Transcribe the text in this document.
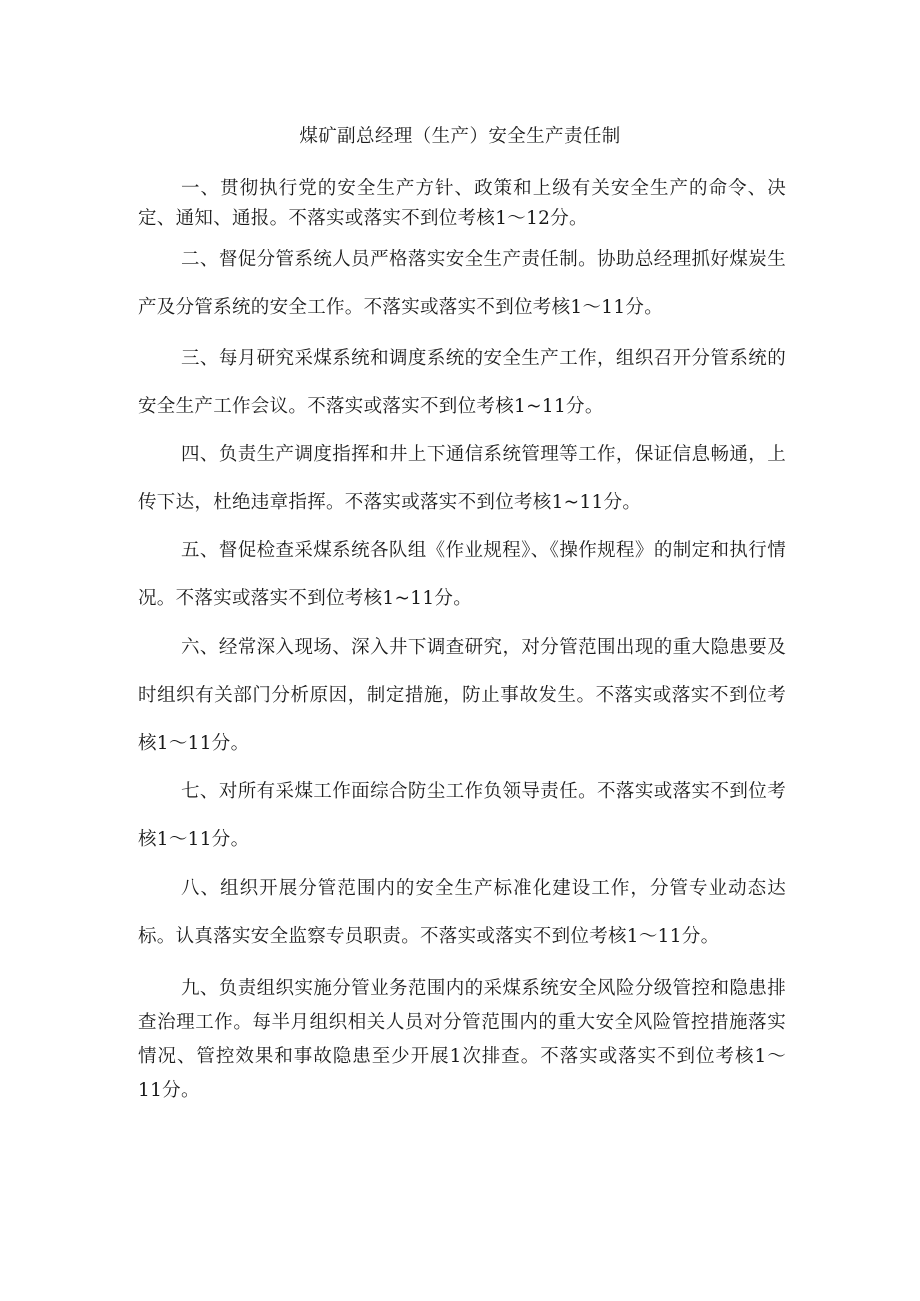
煤矿副总经理（生产）安全生产责任制

一、贯彻执行党的安全生产方针、政策和上级有关安全生产的命令、决定、通知、通报。不落实或落实不到位考核1～12分。

二、督促分管系统人员严格落实安全生产责任制。协助总经理抓好煤炭生产及分管系统的安全工作。不落实或落实不到位考核1～11分。

三、每月研究采煤系统和调度系统的安全生产工作，组织召开分管系统的安全生产工作会议。不落实或落实不到位考核1~11分。

四、负责生产调度指挥和井上下通信系统管理等工作，保证信息畅通，上传下达，杜绝违章指挥。不落实或落实不到位考核1~11分。

五、督促检查采煤系统各队组《作业规程》、《操作规程》的制定和执行情况。不落实或落实不到位考核1~11分。

六、经常深入现场、深入井下调查研究，对分管范围出现的重大隐患要及时组织有关部门分析原因，制定措施，防止事故发生。不落实或落实不到位考核1～11分。

七、对所有采煤工作面综合防尘工作负领导责任。不落实或落实不到位考核1～11分。

八、组织开展分管范围内的安全生产标准化建设工作，分管专业动态达标。认真落实安全监察专员职责。不落实或落实不到位考核1～11分。

九、负责组织实施分管业务范围内的采煤系统安全风险分级管控和隐患排查治理工作。每半月组织相关人员对分管范围内的重大安全风险管控措施落实情况、管控效果和事故隐患至少开展1次排查。不落实或落实不到位考核1～11分。
